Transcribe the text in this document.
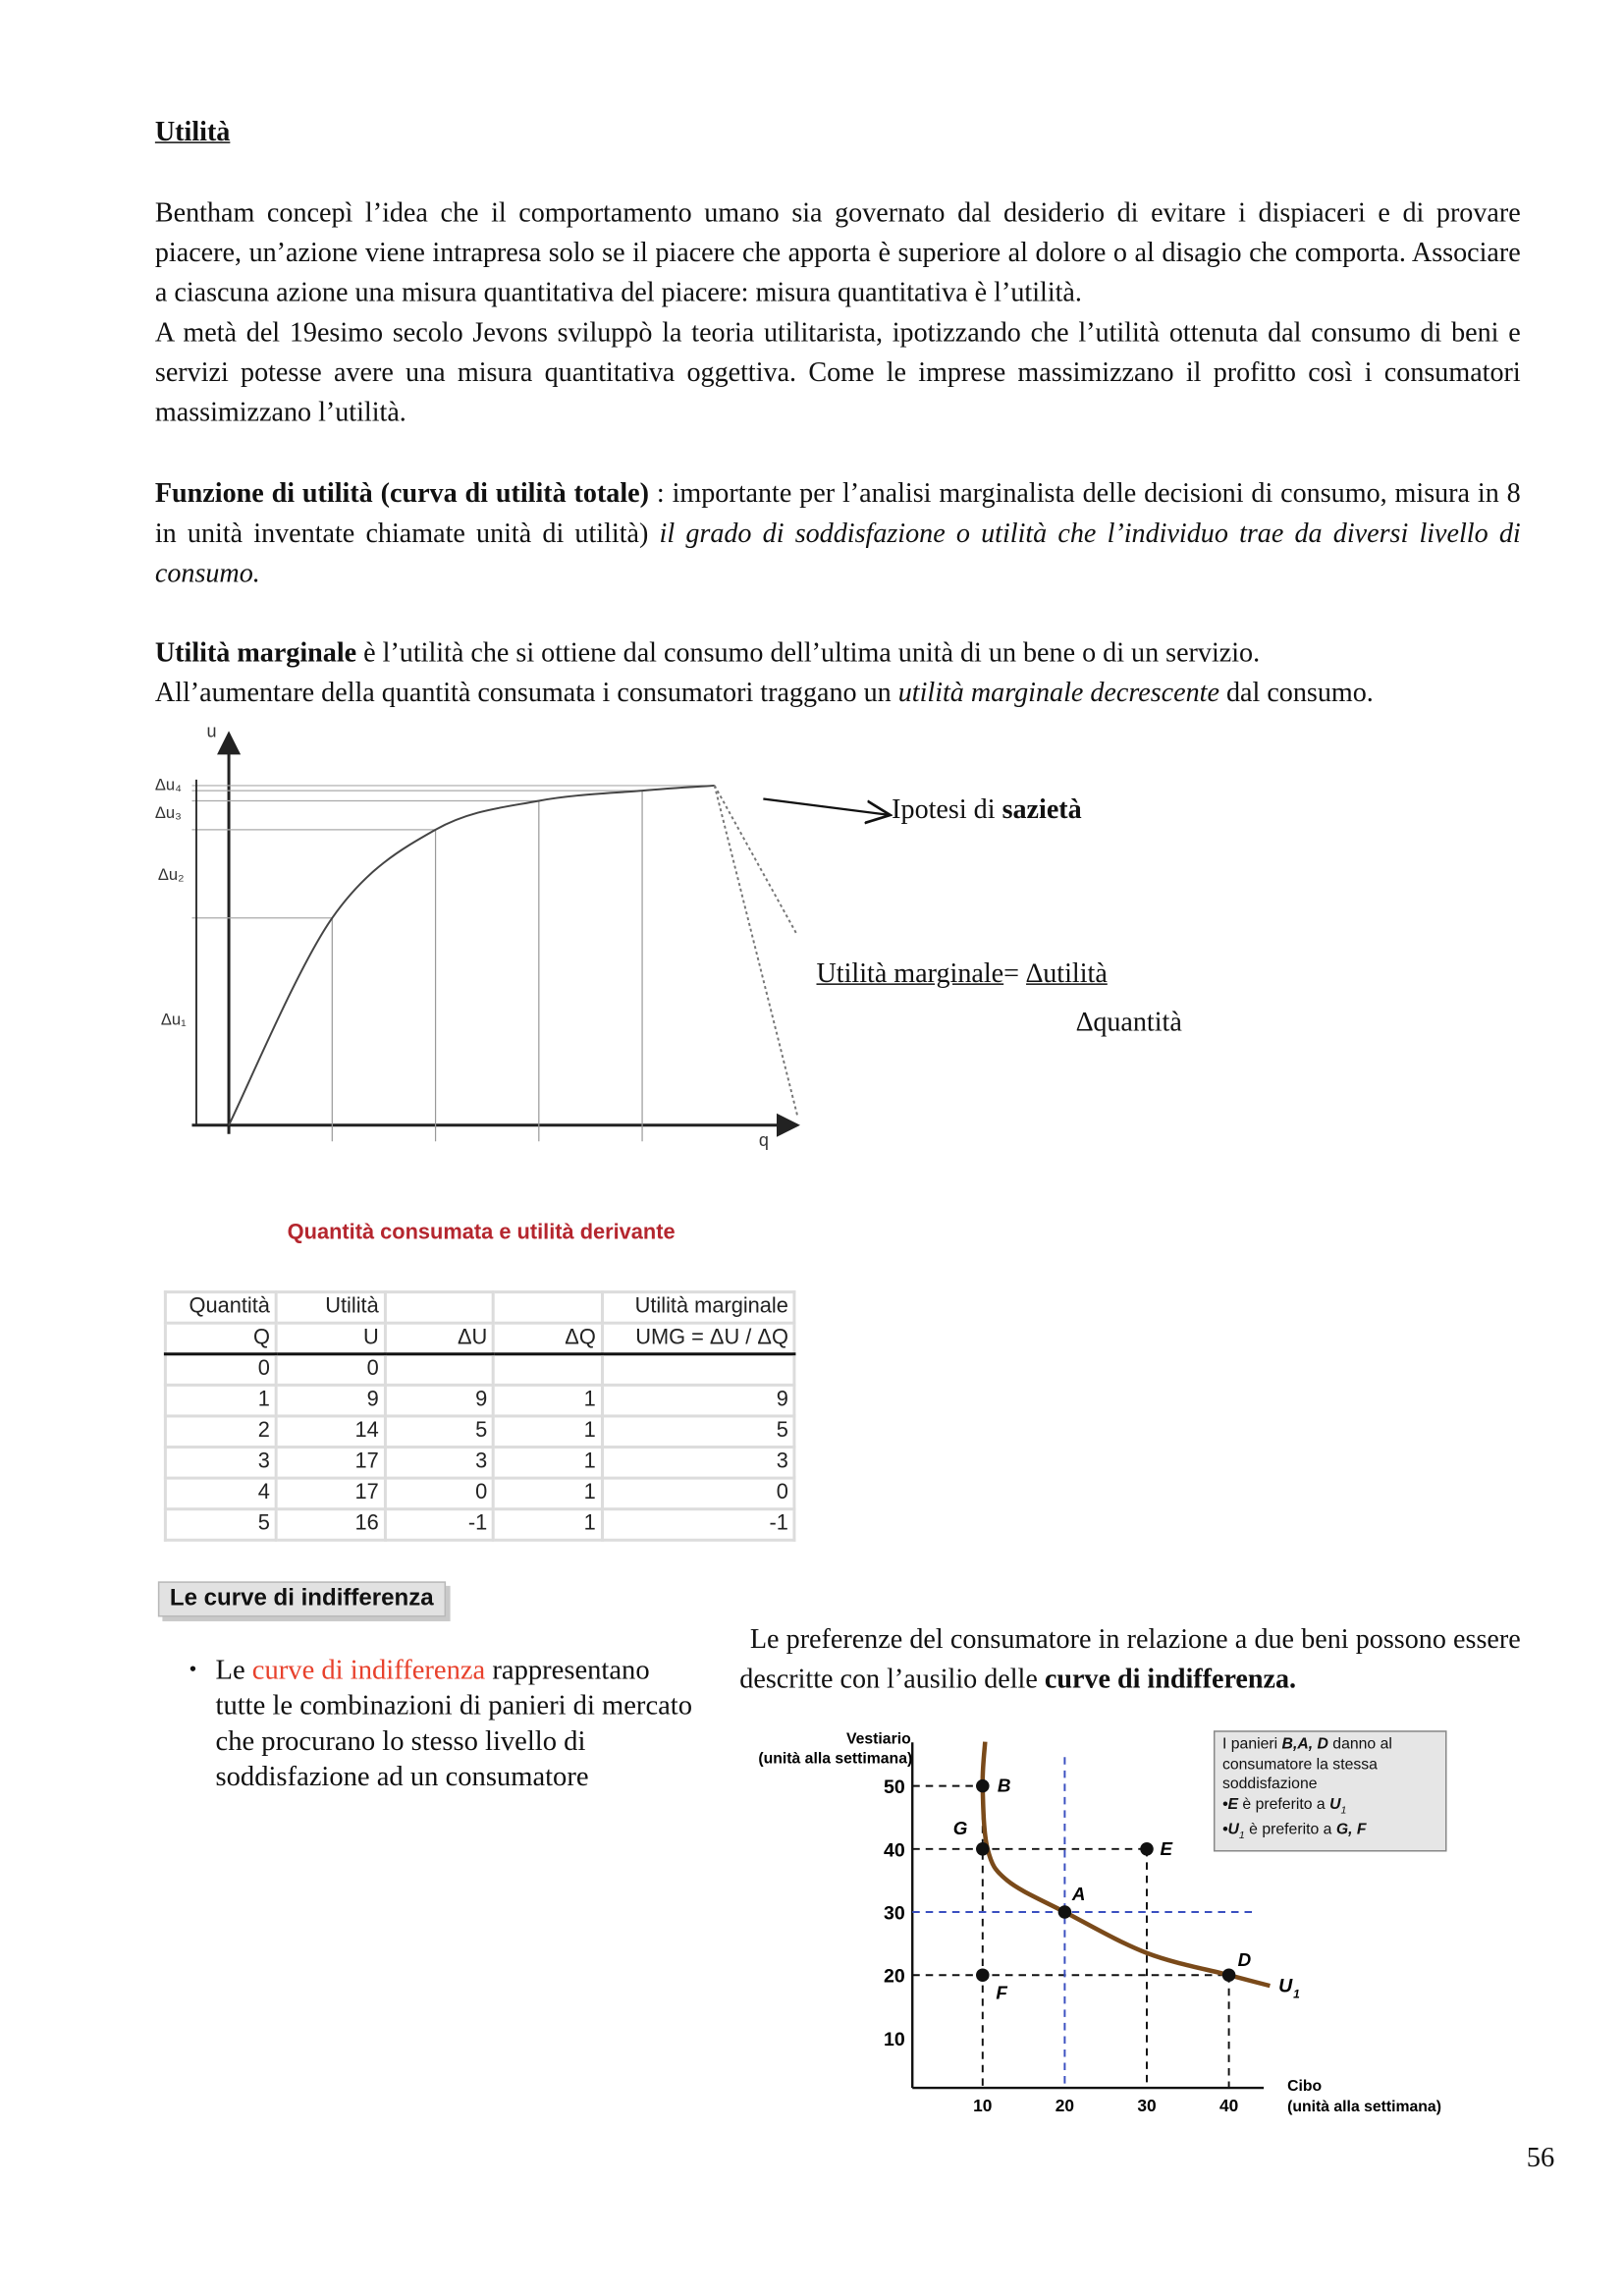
Utilità

Bentham concepì l’idea che il comportamento umano sia governato dal desiderio di evitare i dispiaceri e di provare piacere, un’azione viene intrapresa solo se il piacere che apporta è superiore al dolore o al disagio che comporta. Associare a ciascuna azione una misura quantitativa del piacere: misura quantitativa è l’utilità.

A metà del 19esimo secolo Jevons sviluppò la teoria utilitarista, ipotizzando che l’utilità ottenuta dal consumo di beni e servizi potesse avere una misura quantitativa oggettiva. Come le imprese massimizzano il profitto così i consumatori massimizzano l’utilità.

Funzione di utilità (curva di utilità totale) : importante per l’analisi marginalista delle decisioni di consumo, misura in 8 in unità inventate chiamate unità di utilità) il grado di soddisfazione o utilità che l’individuo trae da diversi livello di consumo.

Utilità marginale è l’utilità che si ottiene dal consumo dell’ultima unità di un bene o di un servizio.

All’aumentare della quantità consumata i consumatori traggano un utilità marginale decrescente dal consumo.

u
q
Δu₄
Δu₃
Δu₂
Δu₁
10
20
30
40
50
10	20	30	40
Vestiario
(unità alla settimana)
Cibo
(unità alla settimana)
B
G
E
A
F
D
U 1
Ipotesi di sazietà
Utilità marginale= ∆utilità
∆quantità
Quantità consumata e utilità derivante
Quantità	Utilità			Utilità marginale
Q	U	ΔU	ΔQ	UMG = ΔU / ΔQ
0	0			
1	9	9	1	9
2	14	5	1	5
3	17	3	1	3
4	17	0	1	0
5	16	-1	1	-1
Le curve di indifferenza
• Le curve di indifferenza rappresentano
tutte le combinazioni di panieri di mercato
che procurano lo stesso livello di
soddisfazione ad un consumatore
Le preferenze del consumatore in relazione a due beni possono essere descritte con l’ausilio delle curve di indifferenza.
I panieri B,A, D danno al
consumatore la stessa
soddisfazione
•E è preferito a $U_1$
$•U_1$ è preferito a G, F
56
